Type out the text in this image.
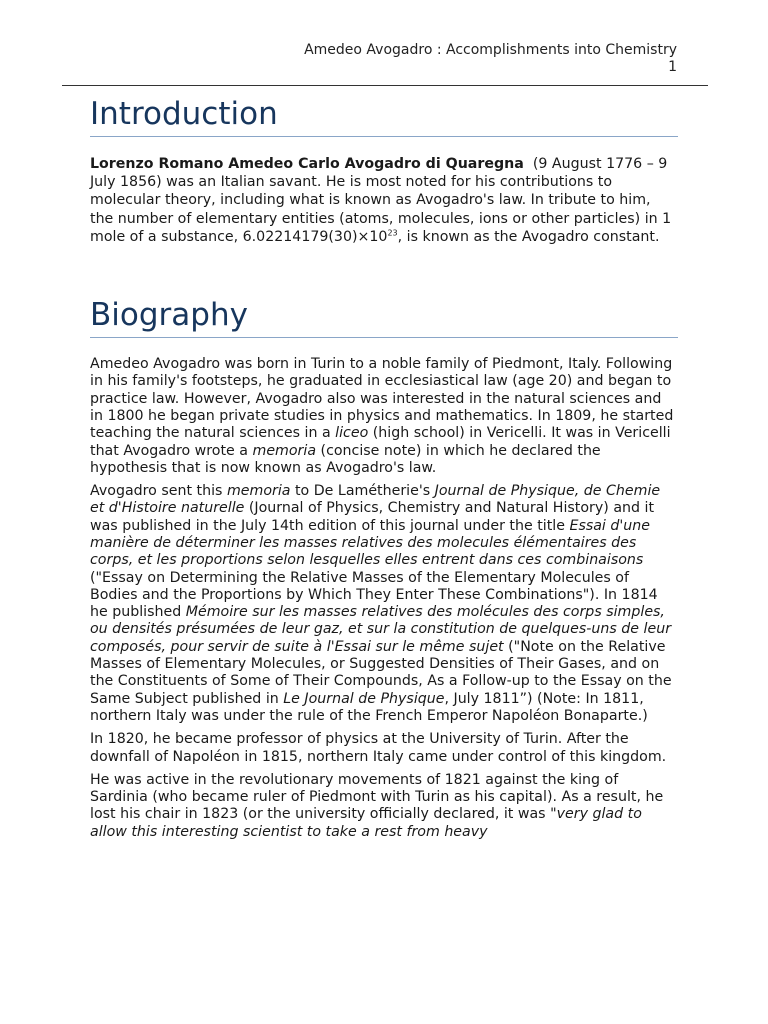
Amedeo Avogadro : Accomplishments into Chemistry
1
Introduction

Lorenzo Romano Amedeo Carlo Avogadro di Quaregna (9 August 1776 – 9 July 1856) was an Italian savant. He is most noted for his contributions to molecular theory, including what is known as Avogadro's law. In tribute to him, the number of elementary entities (atoms, molecules, ions or other particles) in 1 mole of a substance, $6.02214179(30)\times 10^{23}$, is known as the Avogadro constant.

Biography

Amedeo Avogadro was born in Turin to a noble family of Piedmont, Italy. Following in his family's footsteps, he graduated in ecclesiastical law (age 20) and began to practice law. However, Avogadro also was interested in the natural sciences and in 1800 he began private studies in physics and mathematics. In 1809, he started teaching the natural sciences in a liceo (high school) in Vericelli. It was in Vericelli that Avogadro wrote a memoria (concise note) in which he declared the hypothesis that is now known as Avogadro's law.

Avogadro sent this memoria to De Lamétherie's Journal de Physique, de Chemie et d'Histoire naturelle (Journal of Physics, Chemistry and Natural History) and it was published in the July 14th edition of this journal under the title Essai d'une manière de déterminer les masses relatives des molecules élémentaires des corps, et les proportions selon lesquelles elles entrent dans ces combinaisons ("Essay on Determining the Relative Masses of the Elementary Molecules of Bodies and the Proportions by Which They Enter These Combinations"). In 1814 he published Mémoire sur les masses relatives des molécules des corps simples, ou densités présumées de leur gaz, et sur la constitution de quelques-uns de leur composés, pour servir de suite à l'Essai sur le même sujet ("Note on the Relative Masses of Elementary Molecules, or Suggested Densities of Their Gases, and on the Constituents of Some of Their Compounds, As a Follow-up to the Essay on the Same Subject published in Le Journal de Physique, July 1811”) (Note: In 1811, northern Italy was under the rule of the French Emperor Napoléon Bonaparte.)

In 1820, he became professor of physics at the University of Turin. After the downfall of Napoléon in 1815, northern Italy came under control of this kingdom.

He was active in the revolutionary movements of 1821 against the king of Sardinia (who became ruler of Piedmont with Turin as his capital). As a result, he lost his chair in 1823 (or the university officially declared, it was "very glad to allow this interesting scientist to take a rest from heavy
